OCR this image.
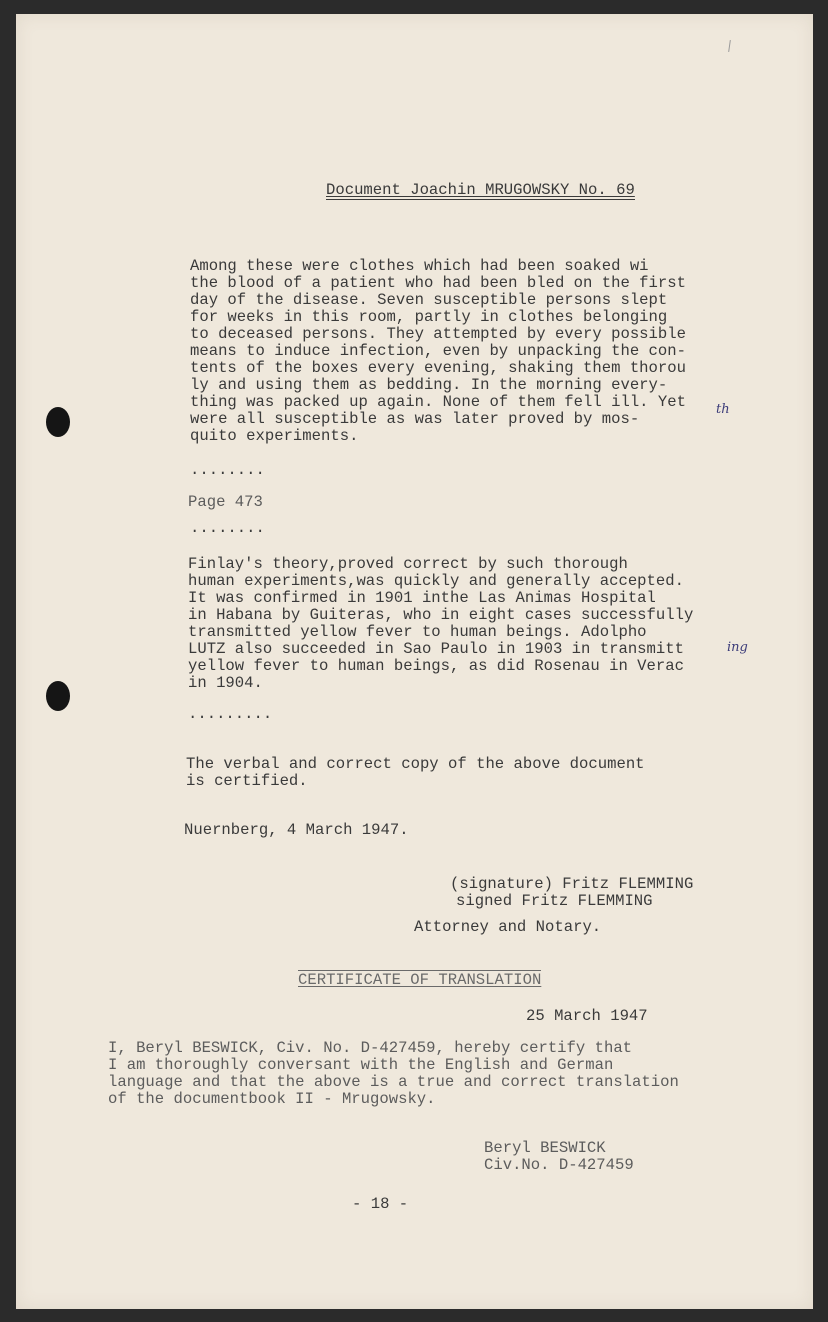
Document Joachin MRUGOWSKY No. 69

Among these were clothes which had been soaked wi

the blood of a patient who had been bled on the first

day of the disease. Seven susceptible persons slept

for weeks in this room, partly in clothes belonging

to deceased persons. They attempted by every possible

means to induce infection, even by unpacking the con-

tents of the boxes every evening, shaking them thorou

ly and using them as bedding. In the morning every-

thing was packed up again. None of them fell ill. Yet

were all susceptible as was later proved by mos-

quito experiments.

th

........

Page 473

........

Finlay's theory,proved correct by such thorough

human experiments,was quickly and generally accepted.

It was confirmed in 1901 inthe Las Animas Hospital

in Habana by Guiteras, who in eight cases successfully

transmitted yellow fever to human beings. Adolpho

LUTZ also succeeded in Sao Paulo in 1903 in transmitt

yellow fever to human beings, as did Rosenau in Verac

in 1904.

ing

.........

The verbal and correct copy of the above document

is certified.

Nuernberg, 4 March 1947.

(signature) Fritz FLEMMING

signed Fritz FLEMMING

Attorney and Notary.

CERTIFICATE OF TRANSLATION

25 March 1947

I, Beryl BESWICK, Civ. No. D-427459, hereby certify that

I am thoroughly conversant with the English and German

language and that the above is a true and correct translation

of the documentbook II - Mrugowsky.

Beryl BESWICK

Civ.No. D-427459

- 18 -
